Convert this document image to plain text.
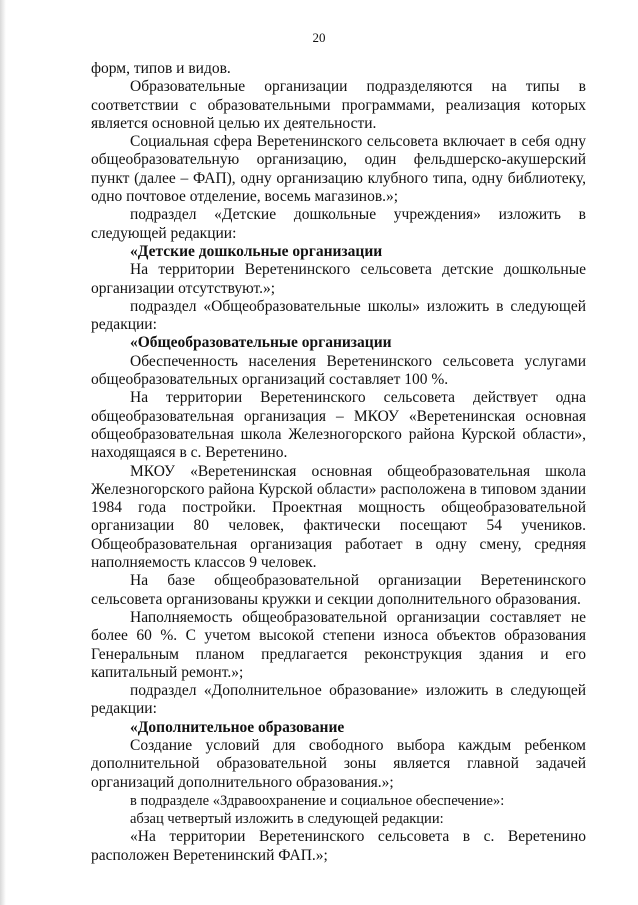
20

форм, типов и видов.

Образовательные организации подразделяются на типы в соответствии с образовательными программами, реализация которых является основной целью их деятельности.

Социальная сфера Веретенинского сельсовета включает в себя одну общеобразовательную организацию, один фельдшерско-акушерский пункт (далее – ФАП), одну организацию клубного типа, одну библиотеку, одно почтовое отделение, восемь магазинов.»;

подраздел «Детские дошкольные учреждения» изложить в следующей редакции:

«Детские дошкольные организации

На территории Веретенинского сельсовета детские дошкольные организации отсутствуют.»;

подраздел «Общеобразовательные школы» изложить в следующей редакции:

«Общеобразовательные организации

Обеспеченность населения Веретенинского сельсовета услугами общеобразовательных организаций составляет 100 %.

На территории Веретенинского сельсовета действует одна общеобразовательная организация – МКОУ «Веретенинская основная общеобразовательная школа Железногорского района Курской области», находящаяся в с. Веретенино.

МКОУ «Веретенинская основная общеобразовательная школа Железногорского района Курской области» расположена в типовом здании 1984 года постройки. Проектная мощность общеобразовательной организации 80 человек, фактически посещают 54 учеников. Общеобразовательная организация работает в одну смену, средняя наполняемость классов 9 человек.

На базе общеобразовательной организации Веретенинского сельсовета организованы кружки и секции дополнительного образования.

Наполняемость общеобразовательной организации составляет не более 60 %. С учетом высокой степени износа объектов образования Генеральным планом предлагается реконструкция здания и его капитальный ремонт.»;

подраздел «Дополнительное образование» изложить в следующей редакции:

«Дополнительное образование

Создание условий для свободного выбора каждым ребенком дополнительной образовательной зоны является главной задачей организаций дополнительного образования.»;

в подразделе «Здравоохранение и социальное обеспечение»:

абзац четвертый изложить в следующей редакции:

«На территории Веретенинского сельсовета в с. Веретенино расположен Веретенинский ФАП.»;
